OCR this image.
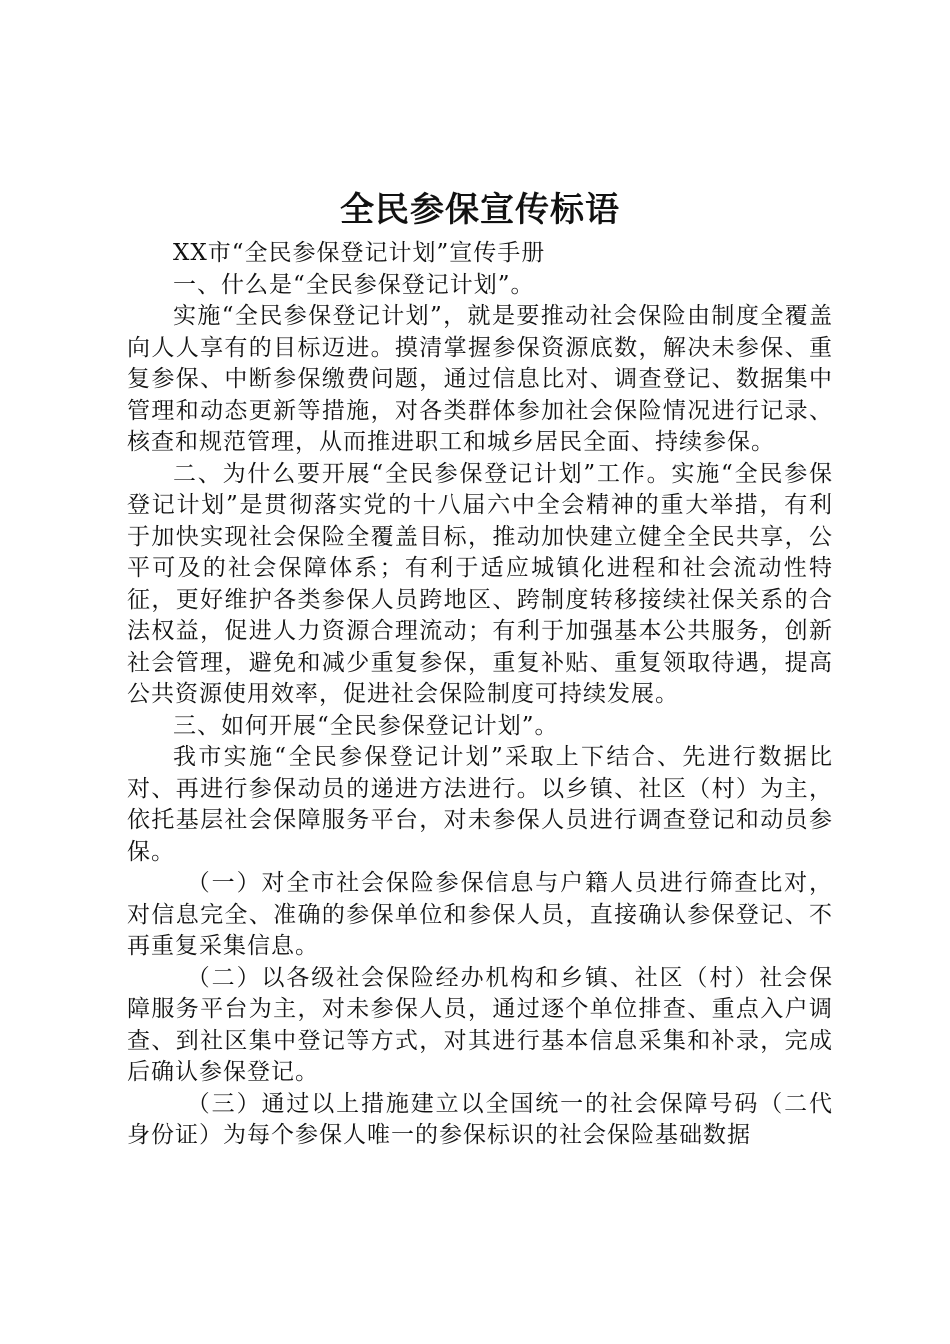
全民参保宣传标语

XX市“全民参保登记计划”宣传手册

一、什么是“全民参保登记计划”。

实施“全民参保登记计划”，就是要推动社会保险由制度全覆盖向人人享有的目标迈进。摸清掌握参保资源底数，解决未参保、重复参保、中断参保缴费问题，通过信息比对、调查登记、数据集中管理和动态更新等措施，对各类群体参加社会保险情况进行记录、核查和规范管理，从而推进职工和城乡居民全面、持续参保。

二、为什么要开展“全民参保登记计划”工作。实施“全民参保登记计划”是贯彻落实党的十八届六中全会精神的重大举措，有利于加快实现社会保险全覆盖目标，推动加快建立健全全民共享，公平可及的社会保障体系；有利于适应城镇化进程和社会流动性特征，更好维护各类参保人员跨地区、跨制度转移接续社保关系的合法权益，促进人力资源合理流动；有利于加强基本公共服务，创新社会管理，避免和减少重复参保，重复补贴、重复领取待遇，提高公共资源使用效率，促进社会保险制度可持续发展。

三、如何开展“全民参保登记计划”。

我市实施“全民参保登记计划”采取上下结合、先进行数据比对、再进行参保动员的递进方法进行。以乡镇、社区（村）为主，依托基层社会保障服务平台，对未参保人员进行调查登记和动员参保。

（一）对全市社会保险参保信息与户籍人员进行筛查比对，对信息完全、准确的参保单位和参保人员，直接确认参保登记、不再重复采集信息。

（二）以各级社会保险经办机构和乡镇、社区（村）社会保障服务平台为主，对未参保人员，通过逐个单位排查、重点入户调查、到社区集中登记等方式，对其进行基本信息采集和补录，完成后确认参保登记。

（三）通过以上措施建立以全国统一的社会保障号码（二代身份证）为每个参保人唯一的参保标识的社会保险基础数据
